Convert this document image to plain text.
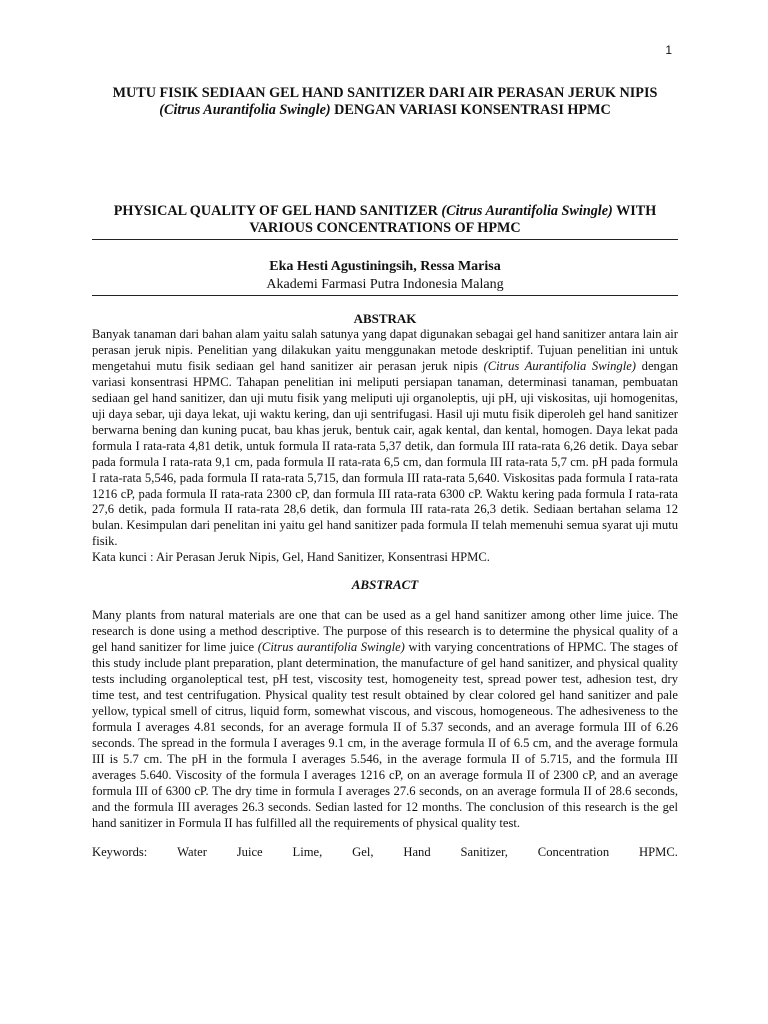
1
MUTU FISIK SEDIAAN GEL HAND SANITIZER DARI AIR PERASAN JERUK NIPIS (Citrus Aurantifolia Swingle) DENGAN VARIASI KONSENTRASI HPMC
PHYSICAL QUALITY OF GEL HAND SANITIZER (Citrus Aurantifolia Swingle) WITH VARIOUS CONCENTRATIONS OF HPMC
Eka Hesti Agustiningsih, Ressa Marisa
Akademi Farmasi Putra Indonesia Malang
ABSTRAK

Banyak tanaman dari bahan alam yaitu salah satunya yang dapat digunakan sebagai gel hand sanitizer antara lain air perasan jeruk nipis. Penelitian yang dilakukan yaitu menggunakan metode deskriptif. Tujuan penelitian ini untuk mengetahui mutu fisik sediaan gel hand sanitizer air perasan jeruk nipis (Citrus Aurantifolia Swingle) dengan variasi konsentrasi HPMC. Tahapan penelitian ini meliputi persiapan tanaman, determinasi tanaman, pembuatan sediaan gel hand sanitizer, dan uji mutu fisik yang meliputi uji organoleptis, uji pH, uji viskositas, uji homogenitas, uji daya sebar, uji daya lekat, uji waktu kering, dan uji sentrifugasi. Hasil uji mutu fisik diperoleh gel hand sanitizer berwarna bening dan kuning pucat, bau khas jeruk, bentuk cair, agak kental, dan kental, homogen. Daya lekat pada formula I rata-rata 4,81 detik, untuk formula II rata-rata 5,37 detik, dan formula III rata-rata 6,26 detik. Daya sebar pada formula I rata-rata 9,1 cm, pada formula II rata-rata 6,5 cm, dan formula III rata-rata 5,7 cm. pH pada formula I rata-rata 5,546, pada formula II rata-rata 5,715, dan formula III rata-rata 5,640. Viskositas pada formula I rata-rata 1216 cP, pada formula II rata-rata 2300 cP, dan formula III rata-rata 6300 cP. Waktu kering pada formula I rata-rata 27,6 detik, pada formula II rata-rata 28,6 detik, dan formula III rata-rata 26,3 detik. Sediaan bertahan selama 12 bulan. Kesimpulan dari penelitan ini yaitu gel hand sanitizer pada formula II telah memenuhi semua syarat uji mutu fisik.

Kata kunci : Air Perasan Jeruk Nipis, Gel, Hand Sanitizer, Konsentrasi HPMC.
ABSTRACT

Many plants from natural materials are one that can be used as a gel hand sanitizer among other lime juice. The research is done using a method descriptive. The purpose of this research is to determine the physical quality of a gel hand sanitizer for lime juice (Citrus aurantifolia Swingle) with varying concentrations of HPMC. The stages of this study include plant preparation, plant determination, the manufacture of gel hand sanitizer, and physical quality tests including organoleptical test, pH test, viscosity test, homogeneity test, spread power test, adhesion test, dry time test, and test centrifugation. Physical quality test result obtained by clear colored gel hand sanitizer and pale yellow, typical smell of citrus, liquid form, somewhat viscous, and viscous, homogeneous. The adhesiveness to the formula I averages 4.81 seconds, for an average formula II of 5.37 seconds, and an average formula III of 6.26 seconds. The spread in the formula I averages 9.1 cm, in the average formula II of 6.5 cm, and the average formula III is 5.7 cm. The pH in the formula I averages 5.546, in the average formula II of 5.715, and the formula III averages 5.640. Viscosity of the formula I averages 1216 cP, on an average formula II of 2300 cP, and an average formula III of 6300 cP. The dry time in formula I averages 27.6 seconds, on an average formula II of 28.6 seconds, and the formula III averages 26.3 seconds. Sedian lasted for 12 months. The conclusion of this research is the gel hand sanitizer in Formula II has fulfilled all the requirements of physical quality test.

Keywords: Water Juice Lime, Gel, Hand Sanitizer, Concentration HPMC.
